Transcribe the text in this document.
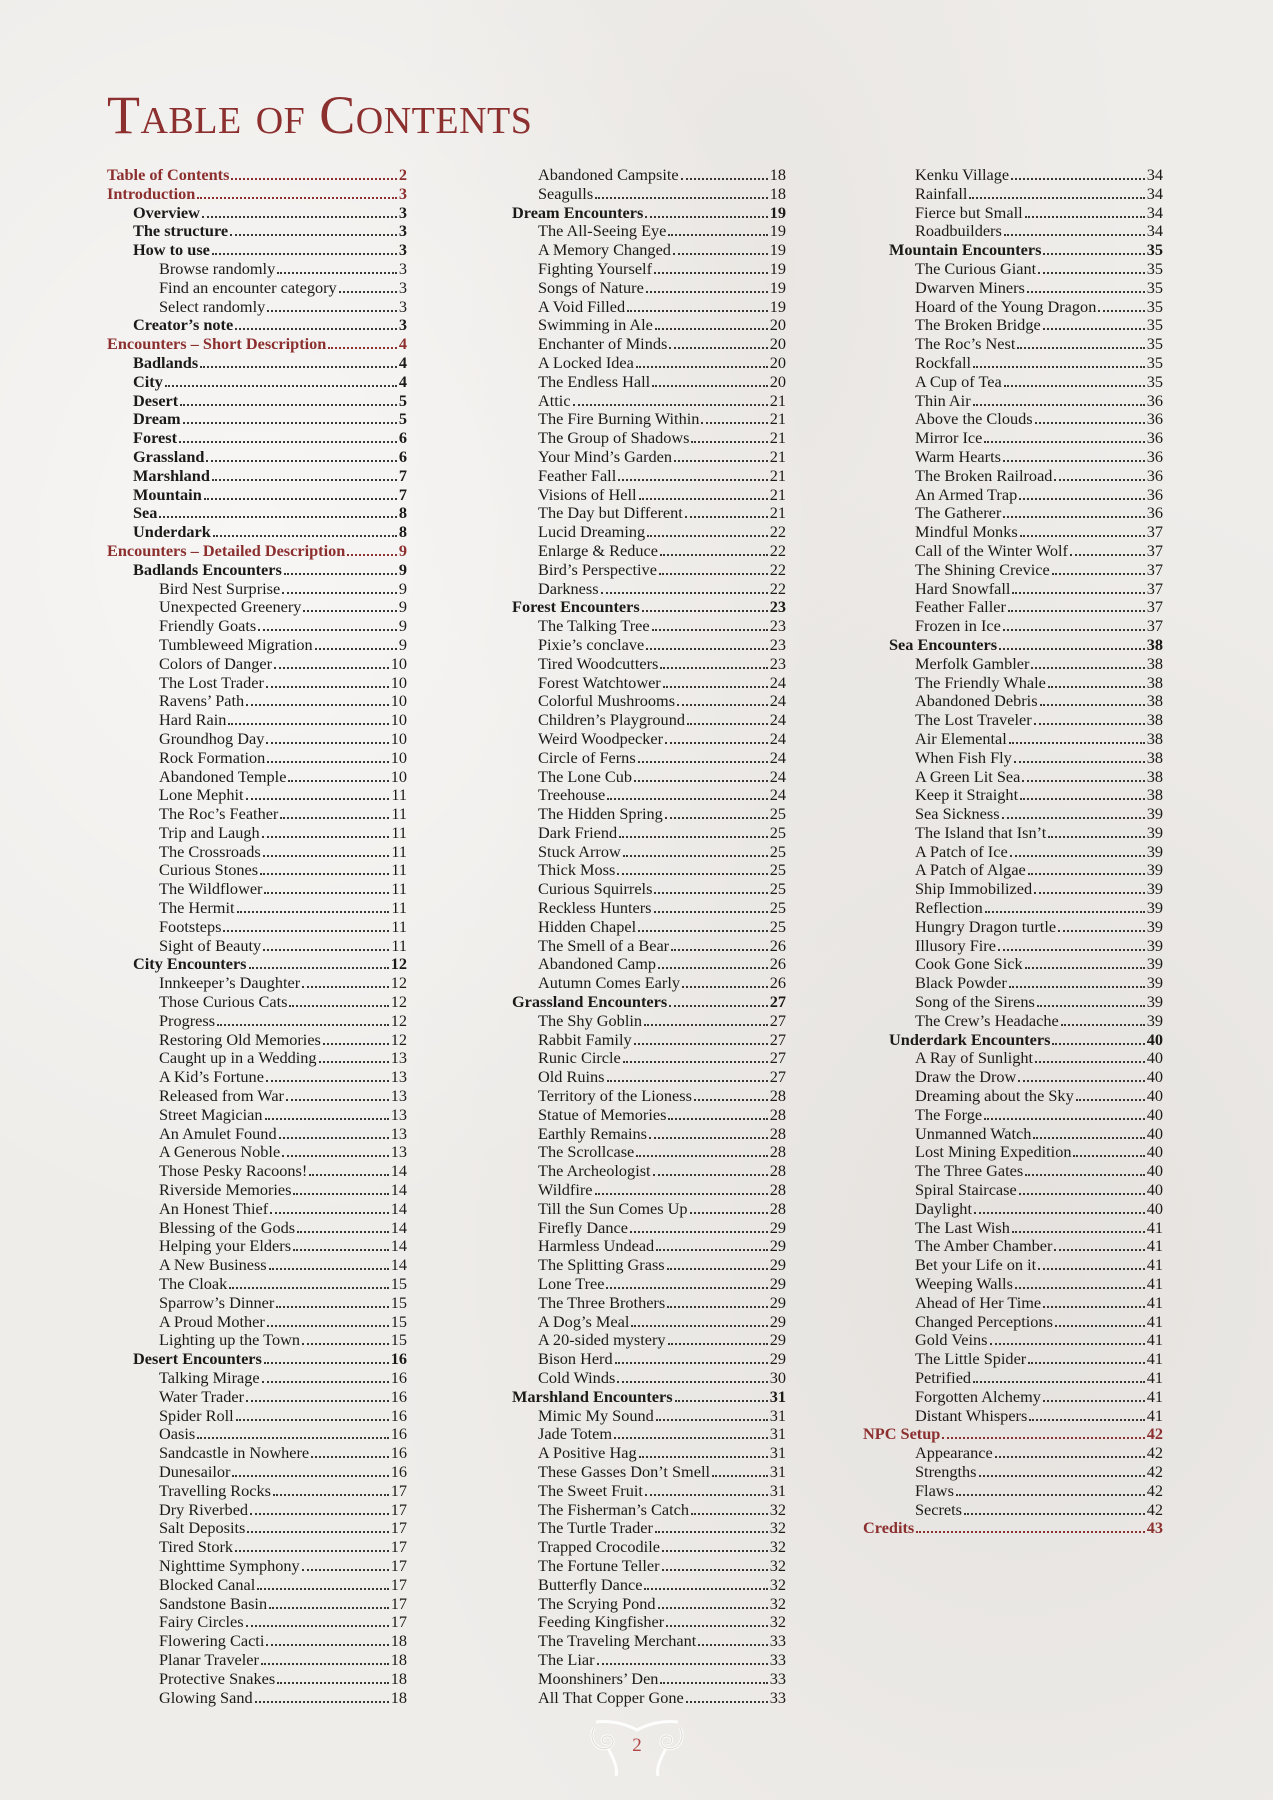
Table of Contents
Table of Contents	2
Introduction	3
Overview	3
The structure	3
How to use	3
Browse randomly	3
Find an encounter category	3
Select randomly	3
Creator’s note	3
Encounters – Short Description	4
Badlands	4
City	4
Desert	5
Dream	5
Forest	6
Grassland	6
Marshland	7
Mountain	7
Sea	8
Underdark	8
Encounters – Detailed Description	9
Badlands Encounters	9
Bird Nest Surprise	9
Unexpected Greenery	9
Friendly Goats	9
Tumbleweed Migration	9
Colors of Danger	10
The Lost Trader	10
Ravens’ Path	10
Hard Rain	10
Groundhog Day	10
Rock Formation	10
Abandoned Temple	10
Lone Mephit	11
The Roc’s Feather	11
Trip and Laugh	11
The Crossroads	11
Curious Stones	11
The Wildflower	11
The Hermit	11
Footsteps	11
Sight of Beauty	11
City Encounters	12
Innkeeper’s Daughter	12
Those Curious Cats	12
Progress	12
Restoring Old Memories	12
Caught up in a Wedding	13
A Kid’s Fortune	13
Released from War	13
Street Magician	13
An Amulet Found	13
A Generous Noble	13
Those Pesky Racoons!	14
Riverside Memories	14
An Honest Thief	14
Blessing of the Gods	14
Helping your Elders	14
A New Business	14
The Cloak	15
Sparrow’s Dinner	15
A Proud Mother	15
Lighting up the Town	15
Desert Encounters	16
Talking Mirage	16
Water Trader	16
Spider Roll	16
Oasis	16
Sandcastle in Nowhere	16
Dunesailor	16
Travelling Rocks	17
Dry Riverbed	17
Salt Deposits	17
Tired Stork	17
Nighttime Symphony	17
Blocked Canal	17
Sandstone Basin	17
Fairy Circles	17
Flowering Cacti	18
Planar Traveler	18
Protective Snakes	18
Glowing Sand	18
Abandoned Campsite	18
Seagulls	18
Dream Encounters	19
The All-Seeing Eye	19
A Memory Changed	19
Fighting Yourself	19
Songs of Nature	19
A Void Filled	19
Swimming in Ale	20
Enchanter of Minds	20
A Locked Idea	20
The Endless Hall	20
Attic	21
The Fire Burning Within	21
The Group of Shadows	21
Your Mind’s Garden	21
Feather Fall	21
Visions of Hell	21
The Day but Different	21
Lucid Dreaming	22
Enlarge & Reduce	22
Bird’s Perspective	22
Darkness	22
Forest Encounters	23
The Talking Tree	23
Pixie’s conclave	23
Tired Woodcutters	23
Forest Watchtower	24
Colorful Mushrooms	24
Children’s Playground	24
Weird Woodpecker	24
Circle of Ferns	24
The Lone Cub	24
Treehouse	24
The Hidden Spring	25
Dark Friend	25
Stuck Arrow	25
Thick Moss	25
Curious Squirrels	25
Reckless Hunters	25
Hidden Chapel	25
The Smell of a Bear	26
Abandoned Camp	26
Autumn Comes Early	26
Grassland Encounters	27
The Shy Goblin	27
Rabbit Family	27
Runic Circle	27
Old Ruins	27
Territory of the Lioness	28
Statue of Memories	28
Earthly Remains	28
The Scrollcase	28
The Archeologist	28
Wildfire	28
Till the Sun Comes Up	28
Firefly Dance	29
Harmless Undead	29
The Splitting Grass	29
Lone Tree	29
The Three Brothers	29
A Dog’s Meal	29
A 20-sided mystery	29
Bison Herd	29
Cold Winds	30
Marshland Encounters	31
Mimic My Sound	31
Jade Totem	31
A Positive Hag	31
These Gasses Don’t Smell	31
The Sweet Fruit	31
The Fisherman’s Catch	32
The Turtle Trader	32
Trapped Crocodile	32
The Fortune Teller	32
Butterfly Dance	32
The Scrying Pond	32
Feeding Kingfisher	32
The Traveling Merchant	33
The Liar	33
Moonshiners’ Den	33
All That Copper Gone	33
Kenku Village	34
Rainfall	34
Fierce but Small	34
Roadbuilders	34
Mountain Encounters	35
The Curious Giant	35
Dwarven Miners	35
Hoard of the Young Dragon	35
The Broken Bridge	35
The Roc’s Nest	35
Rockfall	35
A Cup of Tea	35
Thin Air	36
Above the Clouds	36
Mirror Ice	36
Warm Hearts	36
The Broken Railroad	36
An Armed Trap	36
The Gatherer	36
Mindful Monks	37
Call of the Winter Wolf	37
The Shining Crevice	37
Hard Snowfall	37
Feather Faller	37
Frozen in Ice	37
Sea Encounters	38
Merfolk Gambler	38
The Friendly Whale	38
Abandoned Debris	38
The Lost Traveler	38
Air Elemental	38
When Fish Fly	38
A Green Lit Sea	38
Keep it Straight	38
Sea Sickness	39
The Island that Isn’t	39
A Patch of Ice	39
A Patch of Algae	39
Ship Immobilized	39
Reflection	39
Hungry Dragon turtle	39
Illusory Fire	39
Cook Gone Sick	39
Black Powder	39
Song of the Sirens	39
The Crew’s Headache	39
Underdark Encounters	40
A Ray of Sunlight	40
Draw the Drow	40
Dreaming about the Sky	40
The Forge	40
Unmanned Watch	40
Lost Mining Expedition	40
The Three Gates	40
Spiral Staircase	40
Daylight	40
The Last Wish	41
The Amber Chamber	41
Bet your Life on it	41
Weeping Walls	41
Ahead of Her Time	41
Changed Perceptions	41
Gold Veins	41
The Little Spider	41
Petrified	41
Forgotten Alchemy	41
Distant Whispers	41
NPC Setup	42
Appearance	42
Strengths	42
Flaws	42
Secrets	42
Credits	43
2
